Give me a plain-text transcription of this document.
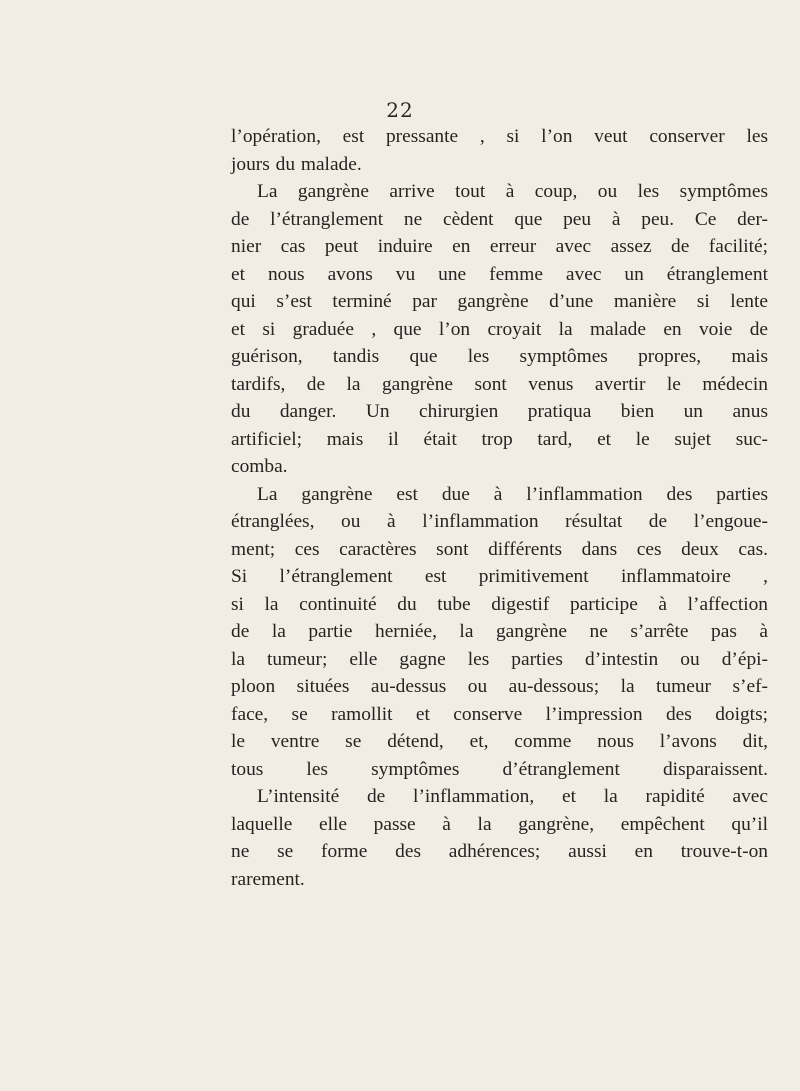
22
l’opération, est pressante , si l’on veut conserver les
jours du malade.
La gangrène arrive tout à coup, ou les symptômes
de l’étranglement ne cèdent que peu à peu. Ce der-
nier cas peut induire en erreur avec assez de facilité;
et nous avons vu une femme avec un étranglement
qui s’est terminé par gangrène d’une manière si lente
et si graduée , que l’on croyait la malade en voie de
guérison, tandis que les symptômes propres, mais
tardifs, de la gangrène sont venus avertir le médecin
du danger. Un chirurgien pratiqua bien un anus
artificiel; mais il était trop tard, et le sujet suc-
comba.
La gangrène est due à l’inflammation des parties
étranglées, ou à l’inflammation résultat de l’engoue-
ment; ces caractères sont différents dans ces deux cas.
Si l’étranglement est primitivement inflammatoire ,
si la continuité du tube digestif participe à l’affection
de la partie herniée, la gangrène ne s’arrête pas à
la tumeur; elle gagne les parties d’intestin ou d’épi-
ploon situées au-dessus ou au-dessous; la tumeur s’ef-
face, se ramollit et conserve l’impression des doigts;
le ventre se détend, et, comme nous l’avons dit,
tous les symptômes d’étranglement disparaissent.
L’intensité de l’inflammation, et la rapidité avec
laquelle elle passe à la gangrène, empêchent qu’il
ne se forme des adhérences; aussi en trouve-t-on
rarement.
